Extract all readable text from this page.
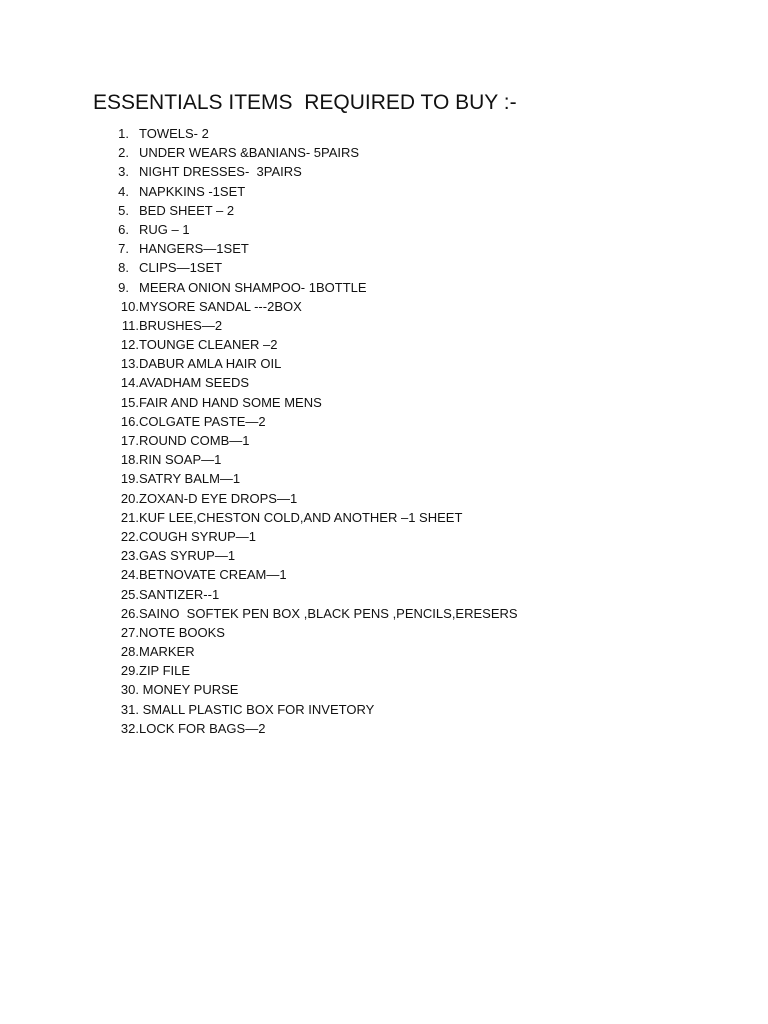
ESSENTIALS ITEMS  REQUIRED TO BUY :-
1. TOWELS- 2
2. UNDER WEARS &BANIANS- 5PAIRS
3. NIGHT DRESSES-  3PAIRS
4. NAPKKINS -1SET
5. BED SHEET – 2
6. RUG – 1
7. HANGERS—1SET
8. CLIPS—1SET
9. MEERA ONION SHAMPOO- 1BOTTLE
10. MYSORE SANDAL ---2BOX
11. BRUSHES—2
12. TOUNGE CLEANER –2
13. DABUR AMLA HAIR OIL
14. AVADHAM SEEDS
15. FAIR AND HAND SOME MENS
16. COLGATE PASTE—2
17. ROUND COMB—1
18. RIN SOAP—1
19. SATRY BALM—1
20. ZOXAN-D EYE DROPS—1
21. KUF LEE,CHESTON COLD,AND ANOTHER –1 SHEET
22. COUGH SYRUP—1
23. GAS SYRUP—1
24. BETNOVATE CREAM—1
25. SANTIZER--1
26. SAINO  SOFTEK PEN BOX ,BLACK PENS ,PENCILS,ERESERS
27. NOTE BOOKS
28. MARKER
29. ZIP FILE
30. MONEY PURSE
31. SMALL PLASTIC BOX FOR INVETORY
32. LOCK FOR BAGS—2
